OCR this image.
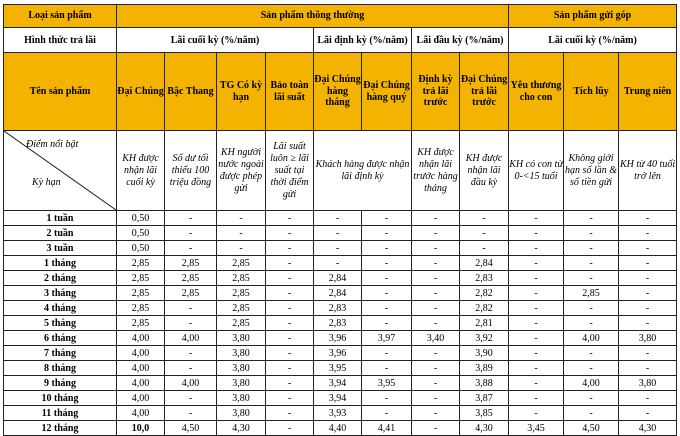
Loại sản phẩm	Sản phẩm thông thường								Sản phẩm gửi góp		
Hình thức trả lãi	Lãi cuối kỳ (%/năm)				Lãi định kỳ (%/năm)		Lãi đầu kỳ (%/năm)		Lãi cuối kỳ (%/năm)		
Tên sản phẩm	Đại Chúng	Bậc Thang	TG Có kỳ hạn	Bảo toàn lãi suất	Đại Chúng hàng tháng	Đại Chúng hàng quý	Định kỳ trả lãi trước	Đại Chúng trả lãi trước	Yêu thương cho con	Tích lũy	Trung niên

Điểm nổi bật
Kỳ hạn	KH được nhận lãi cuối kỳ	Số dư tối thiểu 100 triệu đồng	KH người nước ngoài được phép gửi	Lãi suất luôn ≥ lãi suất tại thời điểm gửi	Khách hàng được nhận lãi định kỳ		KH được nhận lãi trước hàng tháng	KH được nhận lãi đầu kỳ	KH có con từ 0-<15 tuổi	Không giới hạn số lần & số tiền gửi	KH từ 40 tuổi trở lên
1 tuần	0,50	-	-	-	-	-	-	-	-	-	-
2 tuần	0,50	-	-	-	-	-	-	-	-	-	-
3 tuần	0,50	-	-	-	-	-	-	-	-	-	-
1 tháng	2,85	2,85	2,85	-	-	-	-	2,84	-	-	-
2 tháng	2,85	2,85	2,85	-	2,84	-	-	2,83	-	-	-
3 tháng	2,85	2,85	2,85	-	2,84	-	-	2,82	-	2,85	-
4 tháng	2,85	-	2,85	-	2,83	-	-	2,82	-	-	-
5 tháng	2,85	-	2,85	-	2,83	-	-	2,81	-	-	-
6 tháng	4,00	4,00	3,80	-	3,96	3,97	3,40	3,92	-	4,00	3,80
7 tháng	4,00	-	3,80	-	3,96	-	-	3,90	-	-	-
8 tháng	4,00	-	3,80	-	3,95	-	-	3,89	-	-	-
9 tháng	4,00	4,00	3,80	-	3,94	3,95	-	3,88	-	4,00	3,80
10 tháng	4,00	-	3,80	-	3,94	-	-	3,87	-	-	-
11 tháng	4,00	-	3,80	-	3,93	-	-	3,85	-	-	-
12 tháng	10,0	4,50	4,30	-	4,40	4,41	-	4,30	3,45	4,50	4,30
